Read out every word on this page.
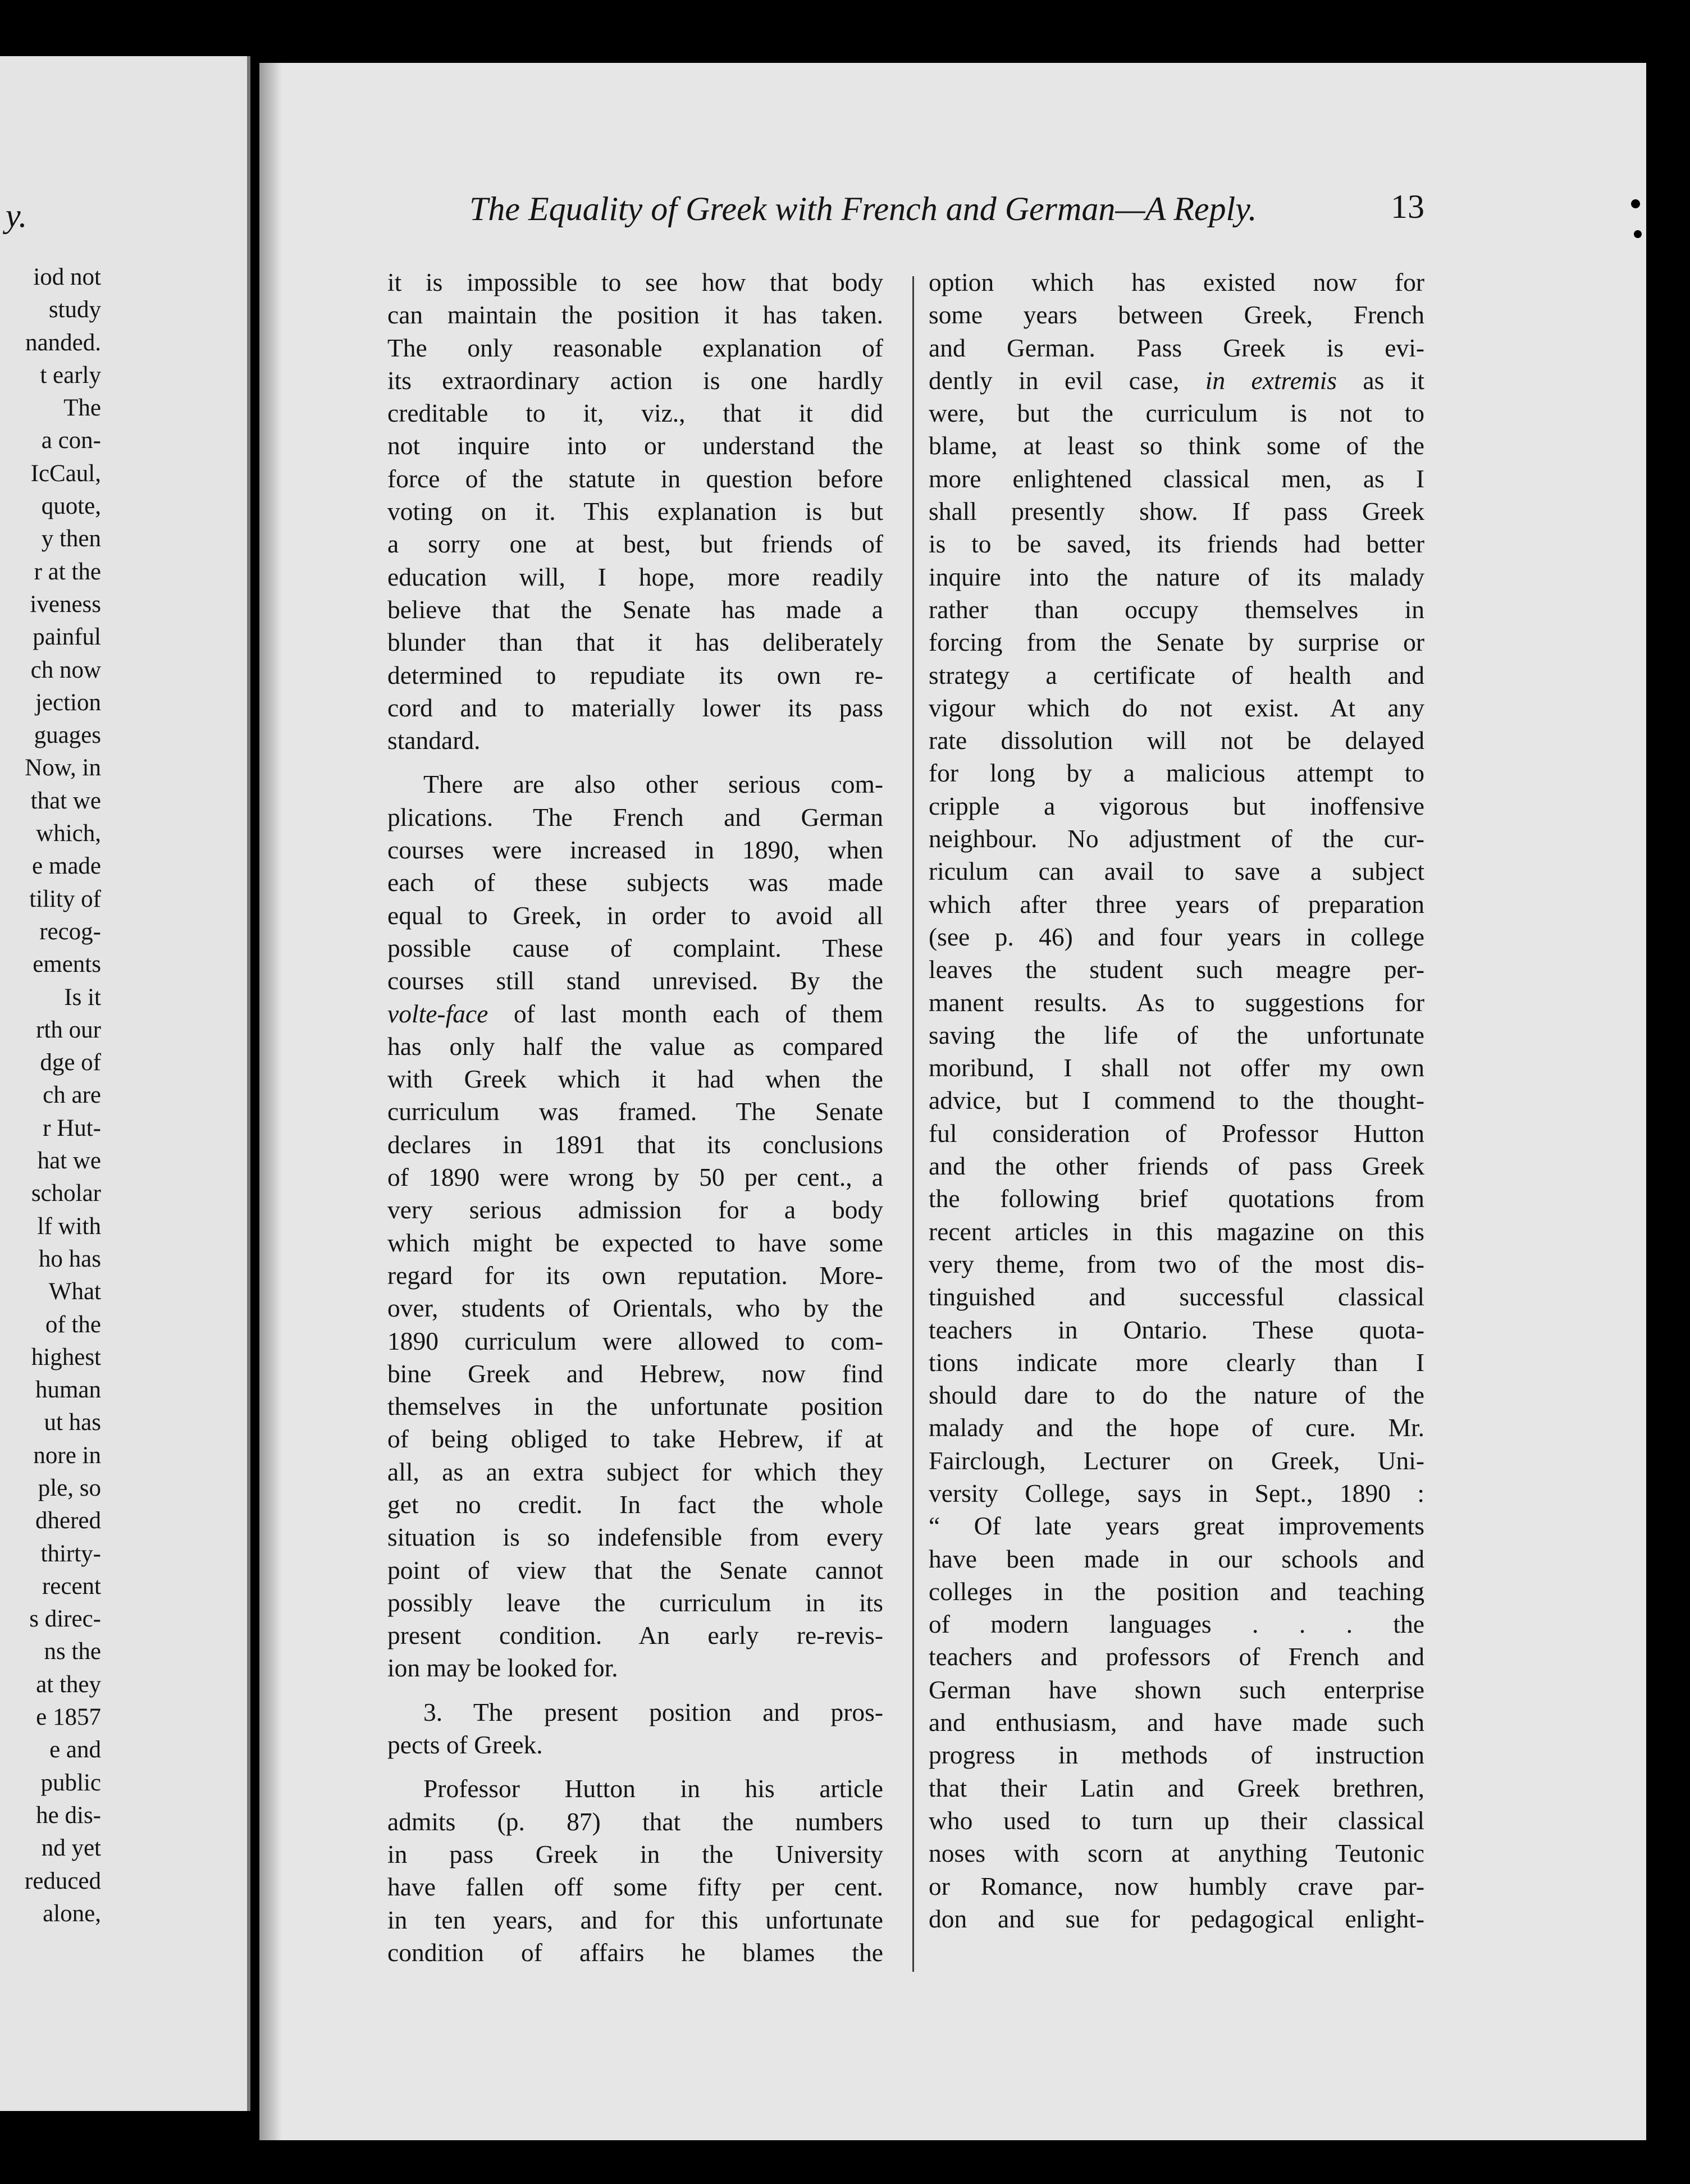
y.
iod not
study
nanded.
t early
The
a con-
IcCaul,
quote,
y then
r at the
iveness
painful
ch now
jection
guages
Now, in
that we
which,
e made
tility of
recog-
ements
Is it
rth our
dge of
ch are
r Hut-
hat we
scholar
lf with
ho has
What
of the
highest
human
ut has
nore in
ple, so
dhered
thirty-
recent
s direc-
ns the
at they
e 1857
e and
public
he dis-
nd yet
reduced
alone,
The Equality of Greek with French and German—A Reply.	13
it is impossible to see how that body
can maintain the position it has taken.
The only reasonable explanation of
its extraordinary action is one hardly
creditable to it, viz., that it did
not inquire into or understand the
force of the statute in question before
voting on it. This explanation is but
a sorry one at best, but friends of
education will, I hope, more readily
believe that the Senate has made a
blunder than that it has deliberately
determined to repudiate its own re-
cord and to materially lower its pass
standard.
There are also other serious com-
plications. The French and German
courses were increased in 1890, when
each of these subjects was made
equal to Greek, in order to avoid all
possible cause of complaint. These
courses still stand unrevised. By the
volte-face of last month each of them
has only half the value as compared
with Greek which it had when the
curriculum was framed. The Senate
declares in 1891 that its conclusions
of 1890 were wrong by 50 per cent., a
very serious admission for a body
which might be expected to have some
regard for its own reputation. More-
over, students of Orientals, who by the
1890 curriculum were allowed to com-
bine Greek and Hebrew, now find
themselves in the unfortunate position
of being obliged to take Hebrew, if at
all, as an extra subject for which they
get no credit. In fact the whole
situation is so indefensible from every
point of view that the Senate cannot
possibly leave the curriculum in its
present condition. An early re-revis-
ion may be looked for.
3. The present position and pros-
pects of Greek.
Professor Hutton in his article
admits (p. 87) that the numbers
in pass Greek in the University
have fallen off some fifty per cent.
in ten years, and for this unfortunate
condition of affairs he blames the
option which has existed now for
some years between Greek, French
and German. Pass Greek is evi-
dently in evil case, in extremis as it
were, but the curriculum is not to
blame, at least so think some of the
more enlightened classical men, as I
shall presently show. If pass Greek
is to be saved, its friends had better
inquire into the nature of its malady
rather than occupy themselves in
forcing from the Senate by surprise or
strategy a certificate of health and
vigour which do not exist. At any
rate dissolution will not be delayed
for long by a malicious attempt to
cripple a vigorous but inoffensive
neighbour. No adjustment of the cur-
riculum can avail to save a subject
which after three years of preparation
(see p. 46) and four years in college
leaves the student such meagre per-
manent results. As to suggestions for
saving the life of the unfortunate
moribund, I shall not offer my own
advice, but I commend to the thought-
ful consideration of Professor Hutton
and the other friends of pass Greek
the following brief quotations from
recent articles in this magazine on this
very theme, from two of the most dis-
tinguished and successful classical
teachers in Ontario. These quota-
tions indicate more clearly than I
should dare to do the nature of the
malady and the hope of cure. Mr.
Fairclough, Lecturer on Greek, Uni-
versity College, says in Sept., 1890 :
“ Of late years great improvements
have been made in our schools and
colleges in the position and teaching
of modern languages . . . the
teachers and professors of French and
German have shown such enterprise
and enthusiasm, and have made such
progress in methods of instruction
that their Latin and Greek brethren,
who used to turn up their classical
noses with scorn at anything Teutonic
or Romance, now humbly crave par-
don and sue for pedagogical enlight-
